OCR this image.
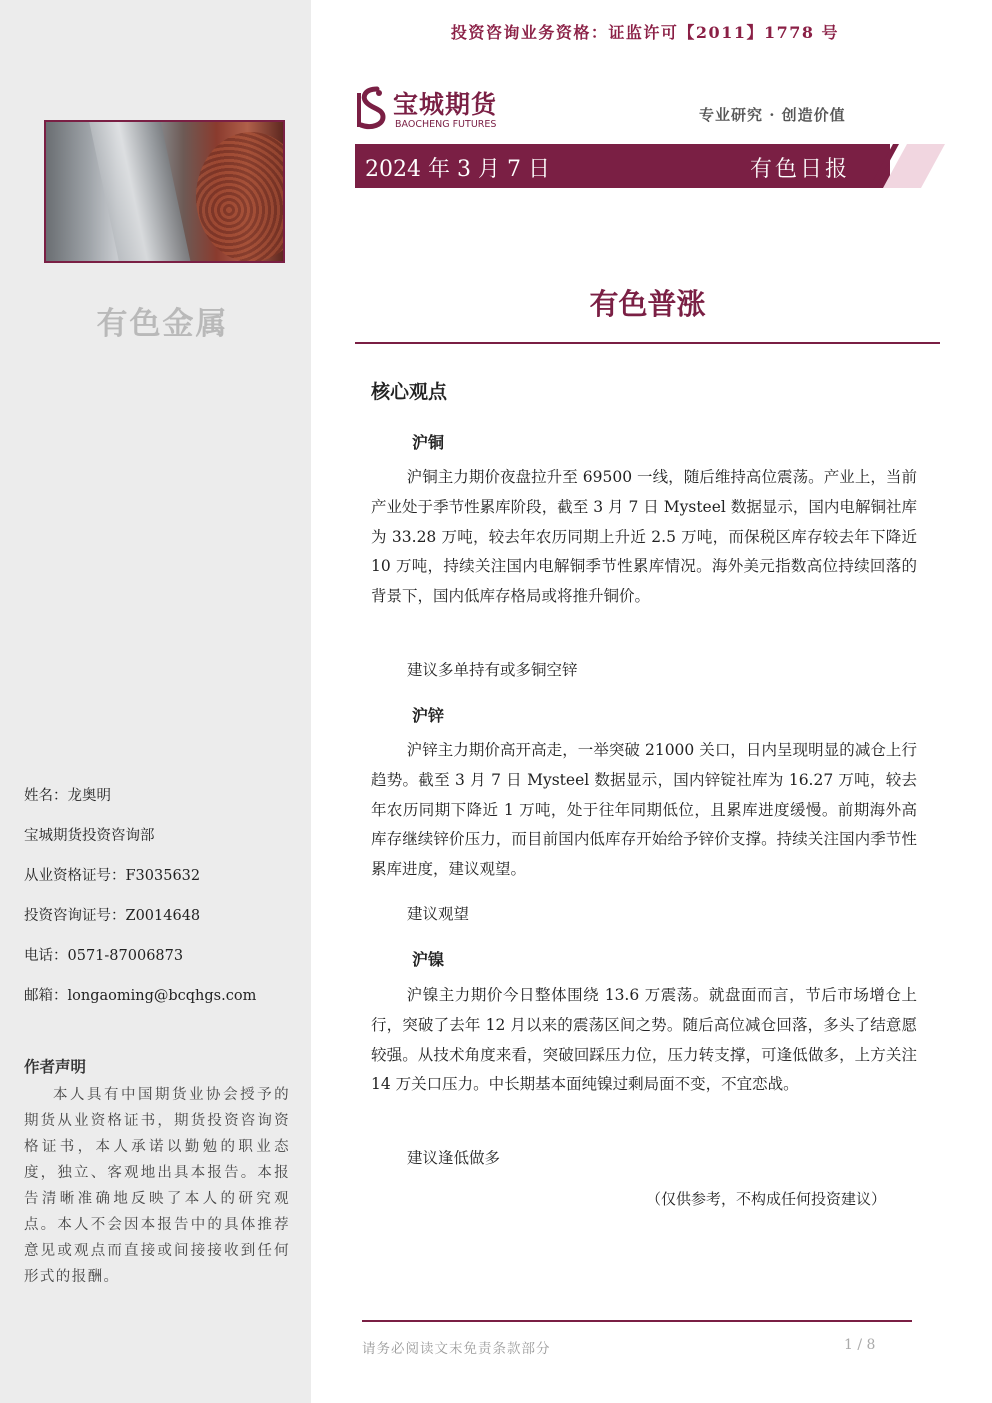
有色金属
姓名：龙奥明
宝城期货投资咨询部
从业资格证号：F3035632
投资咨询证号：Z0014648
电话：0571-87006873
邮箱：longaoming@bcqhgs.com
作者声明
本人具有中国期货业协会授予的期货从业资格证书，期货投资咨询资格证书，本人承诺以勤勉的职业态度，独立、客观地出具本报告。本报告清晰准确地反映了本人的研究观点。本人不会因本报告中的具体推荐意见或观点而直接或间接接收到任何形式的报酬。
投资咨询业务资格：证监许可【2011】1778 号
宝城期货
BAOCHENG FUTURES
专业研究 · 创造价值
2024 年 3 月 7 日	有色日报
有色普涨
核心观点
沪铜
沪铜主力期价夜盘拉升至 69500 一线，随后维持高位震荡。产业上，当前产业处于季节性累库阶段，截至 3 月 7 日 Mysteel 数据显示，国内电解铜社库为 33.28 万吨，较去年农历同期上升近 2.5 万吨，而保税区库存较去年下降近 10 万吨，持续关注国内电解铜季节性累库情况。海外美元指数高位持续回落的背景下，国内低库存格局或将推升铜价。
建议多单持有或多铜空锌
沪锌
沪锌主力期价高开高走，一举突破 21000 关口，日内呈现明显的减仓上行趋势。截至 3 月 7 日 Mysteel 数据显示，国内锌锭社库为 16.27 万吨，较去年农历同期下降近 1 万吨，处于往年同期低位，且累库进度缓慢。前期海外高库存继续锌价压力，而目前国内低库存开始给予锌价支撑。持续关注国内季节性累库进度，建议观望。
建议观望
沪镍
沪镍主力期价今日整体围绕 13.6 万震荡。就盘面而言，节后市场增仓上行，突破了去年 12 月以来的震荡区间之势。随后高位减仓回落，多头了结意愿较强。从技术角度来看，突破回踩压力位，压力转支撑，可逢低做多，上方关注 14 万关口压力。中长期基本面纯镍过剩局面不变，不宜恋战。
建议逢低做多
（仅供参考，不构成任何投资建议）
请务必阅读文末免责条款部分	1 / 8
